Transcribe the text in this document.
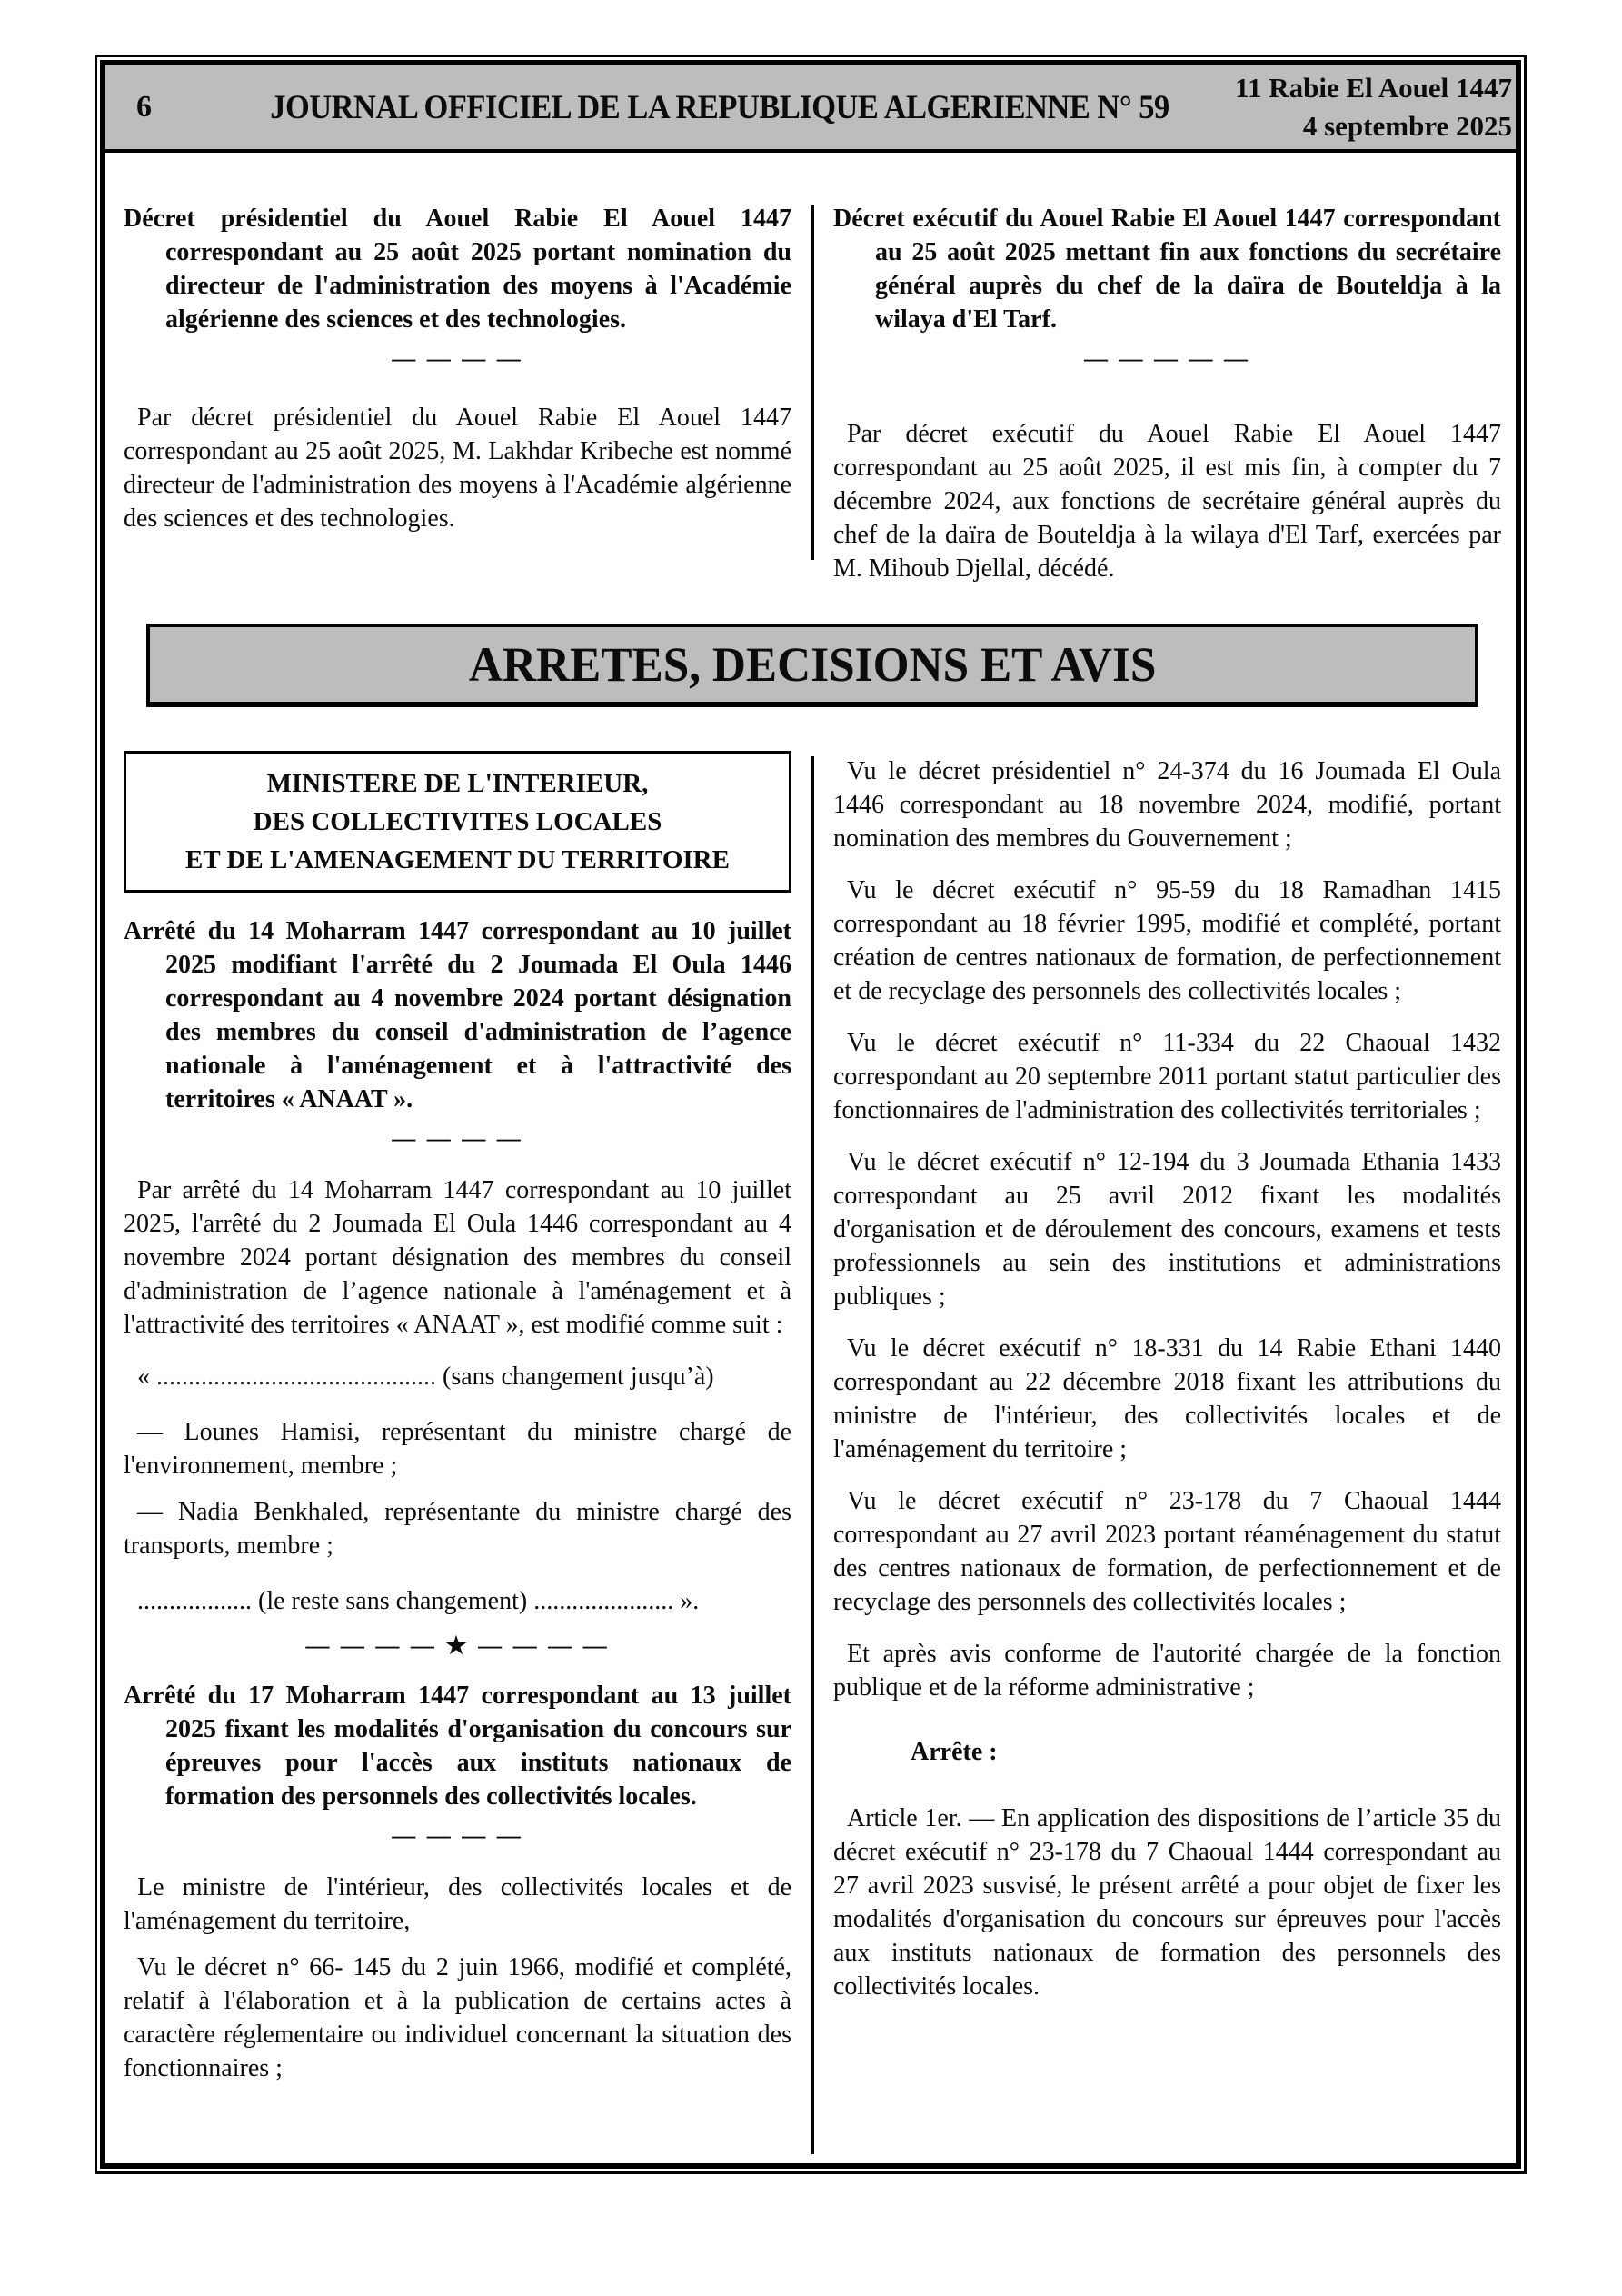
6	JOURNAL OFFICIEL DE LA REPUBLIQUE ALGERIENNE N° 59
11 Rabie El Aouel 1447
4 septembre 2025

Décret présidentiel du Aouel Rabie El Aouel 1447 correspondant au 25 août 2025 portant nomination du directeur de l'administration des moyens à l'Académie algérienne des sciences et des technologies.

— — — —

Par décret présidentiel du Aouel Rabie El Aouel 1447 correspondant au 25 août 2025, M. Lakhdar Kribeche est nommé directeur de l'administration des moyens à l'Académie algérienne des sciences et des technologies.

Décret exécutif du Aouel Rabie El Aouel 1447 correspondant au 25 août 2025 mettant fin aux fonctions du secrétaire général auprès du chef de la daïra de Bouteldja à la wilaya d'El Tarf.

— — — — —

Par décret exécutif du Aouel Rabie El Aouel 1447 correspondant au 25 août 2025, il est mis fin, à compter du 7 décembre 2024, aux fonctions de secrétaire général auprès du chef de la daïra de Bouteldja à la wilaya d'El Tarf, exercées par M. Mihoub Djellal, décédé.

ARRETES, DECISIONS ET AVIS
MINISTERE DE L'INTERIEUR,
DES COLLECTIVITES LOCALES
ET DE L'AMENAGEMENT DU TERRITOIRE

Arrêté du 14 Moharram 1447 correspondant au 10 juillet 2025 modifiant l'arrêté du 2 Joumada El Oula 1446 correspondant au 4 novembre 2024 portant désignation des membres du conseil d'administration de l’agence nationale à l'aménagement et à l'attractivité des territoires « ANAAT ».

— — — —

Par arrêté du 14 Moharram 1447 correspondant au 10 juillet 2025, l'arrêté du 2 Joumada El Oula 1446 correspondant au 4 novembre 2024 portant désignation des membres du conseil d'administration de l’agence nationale à l'aménagement et à l'attractivité des territoires « ANAAT », est modifié comme suit :

« ............................................ (sans changement jusqu’à)

— Lounes Hamisi, représentant du ministre chargé de l'environnement, membre ;

— Nadia Benkhaled, représentante du ministre chargé des transports, membre ;

.................. (le reste sans changement) ...................... ».

— — — — ★ — — — —

Arrêté du 17 Moharram 1447 correspondant au 13 juillet 2025 fixant les modalités d'organisation du concours sur épreuves pour l'accès aux instituts nationaux de formation des personnels des collectivités locales.

— — — —

Le ministre de l'intérieur, des collectivités locales et de l'aménagement du territoire,

Vu le décret n° 66- 145 du 2 juin 1966, modifié et complété, relatif à l'élaboration et à la publication de certains actes à caractère réglementaire ou individuel concernant la situation des fonctionnaires ;

Vu le décret présidentiel n° 24-374 du 16 Joumada El Oula 1446 correspondant au 18 novembre 2024, modifié, portant nomination des membres du Gouvernement ;

Vu le décret exécutif n° 95-59 du 18 Ramadhan 1415 correspondant au 18 février 1995, modifié et complété, portant création de centres nationaux de formation, de perfectionnement et de recyclage des personnels des collectivités locales ;

Vu le décret exécutif n° 11-334 du 22 Chaoual 1432 correspondant au 20 septembre 2011 portant statut particulier des fonctionnaires de l'administration des collectivités territoriales ;

Vu le décret exécutif n° 12-194 du 3 Joumada Ethania 1433 correspondant au 25 avril 2012 fixant les modalités d'organisation et de déroulement des concours, examens et tests professionnels au sein des institutions et administrations publiques ;

Vu le décret exécutif n° 18-331 du 14 Rabie Ethani 1440 correspondant au 22 décembre 2018 fixant les attributions du ministre de l'intérieur, des collectivités locales et de l'aménagement du territoire ;

Vu le décret exécutif n° 23-178 du 7 Chaoual 1444 correspondant au 27 avril 2023 portant réaménagement du statut des centres nationaux de formation, de perfectionnement et de recyclage des personnels des collectivités locales ;

Et après avis conforme de l'autorité chargée de la fonction publique et de la réforme administrative ;

Arrête :

Article 1er. — En application des dispositions de l’article 35 du décret exécutif n° 23-178 du 7 Chaoual 1444 correspondant au 27 avril 2023 susvisé, le présent arrêté a pour objet de fixer les modalités d'organisation du concours sur épreuves pour l'accès aux instituts nationaux de formation des personnels des collectivités locales.
